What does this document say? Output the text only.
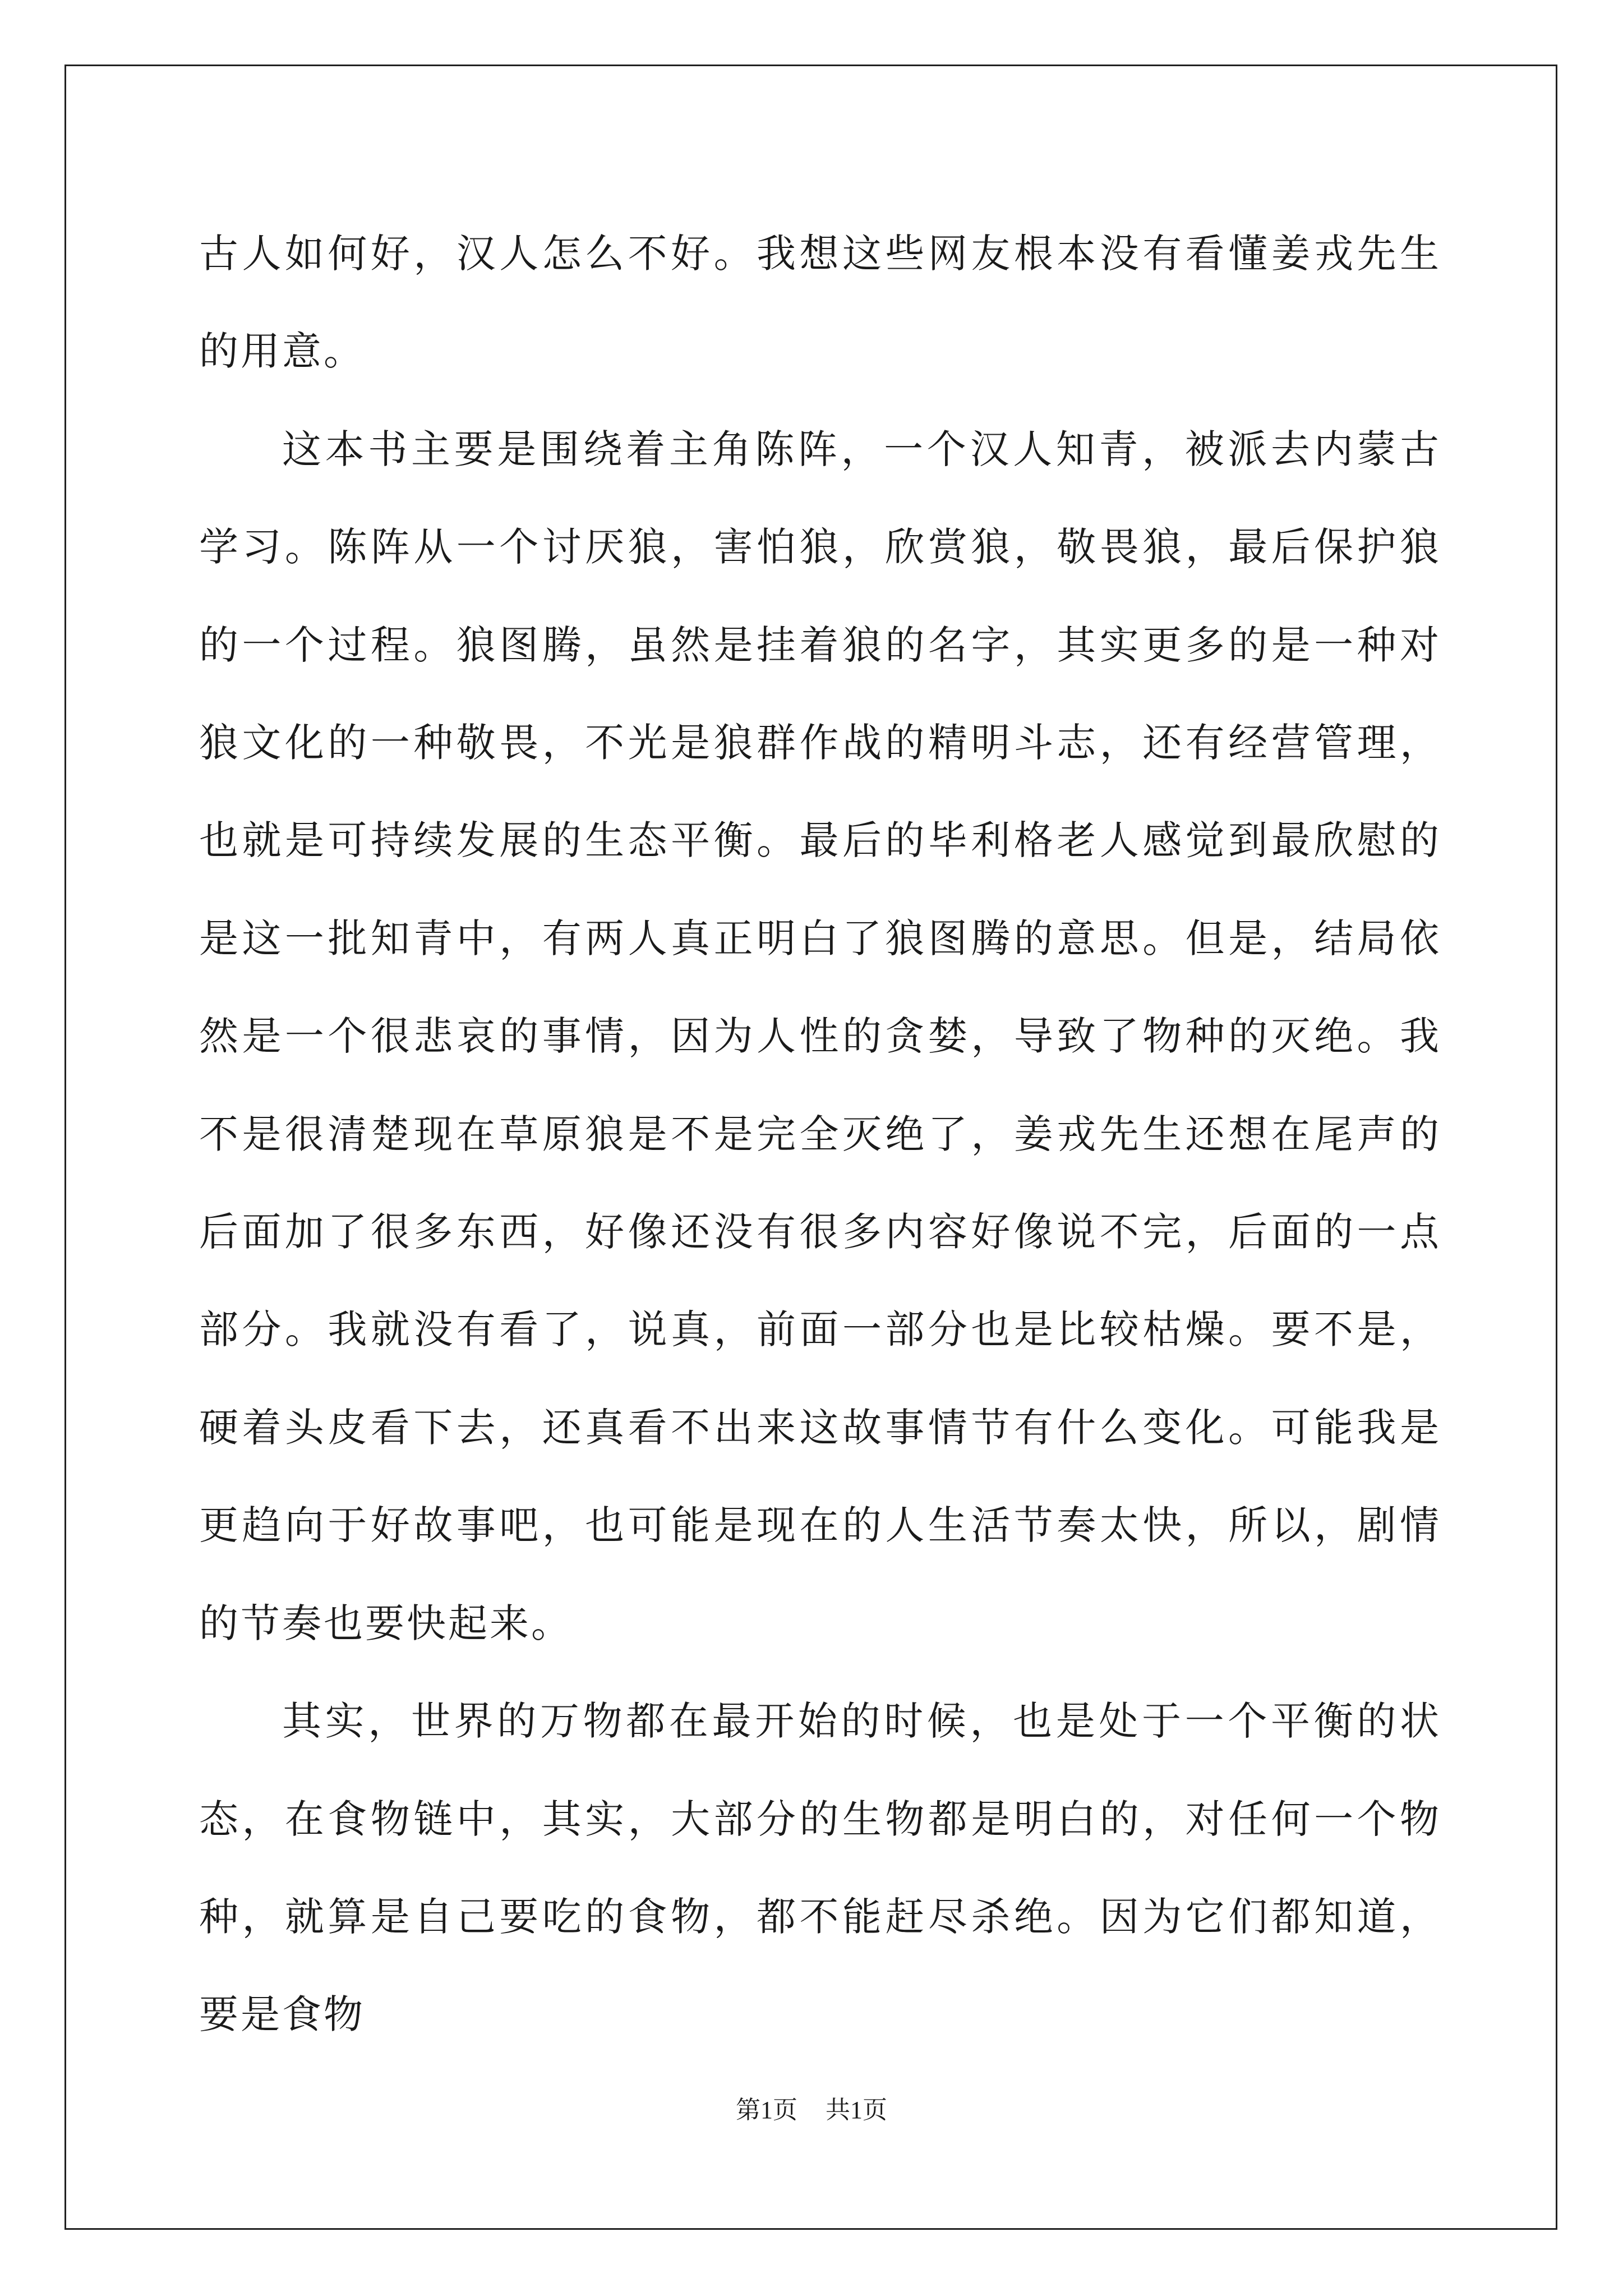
古人如何好，汉人怎么不好。我想这些网友根本没有看懂姜戎先生的用意。

这本书主要是围绕着主角陈阵，一个汉人知青，被派去内蒙古学习。陈阵从一个讨厌狼，害怕狼，欣赏狼，敬畏狼，最后保护狼的一个过程。狼图腾，虽然是挂着狼的名字，其实更多的是一种对狼文化的一种敬畏，不光是狼群作战的精明斗志，还有经营管理，也就是可持续发展的生态平衡。最后的毕利格老人感觉到最欣慰的是这一批知青中，有两人真正明白了狼图腾的意思。但是，结局依然是一个很悲哀的事情，因为人性的贪婪，导致了物种的灭绝。我不是很清楚现在草原狼是不是完全灭绝了，姜戎先生还想在尾声的后面加了很多东西，好像还没有很多内容好像说不完，后面的一点部分。我就没有看了，说真，前面一部分也是比较枯燥。要不是，硬着头皮看下去，还真看不出来这故事情节有什么变化。可能我是更趋向于好故事吧，也可能是现在的人生活节奏太快，所以，剧情的节奏也要快起来。

其实，世界的万物都在最开始的时候，也是处于一个平衡的状态，在食物链中，其实，大部分的生物都是明白的，对任何一个物种，就算是自己要吃的食物，都不能赶尽杀绝。因为它们都知道，要是食物

第1页 共1页
